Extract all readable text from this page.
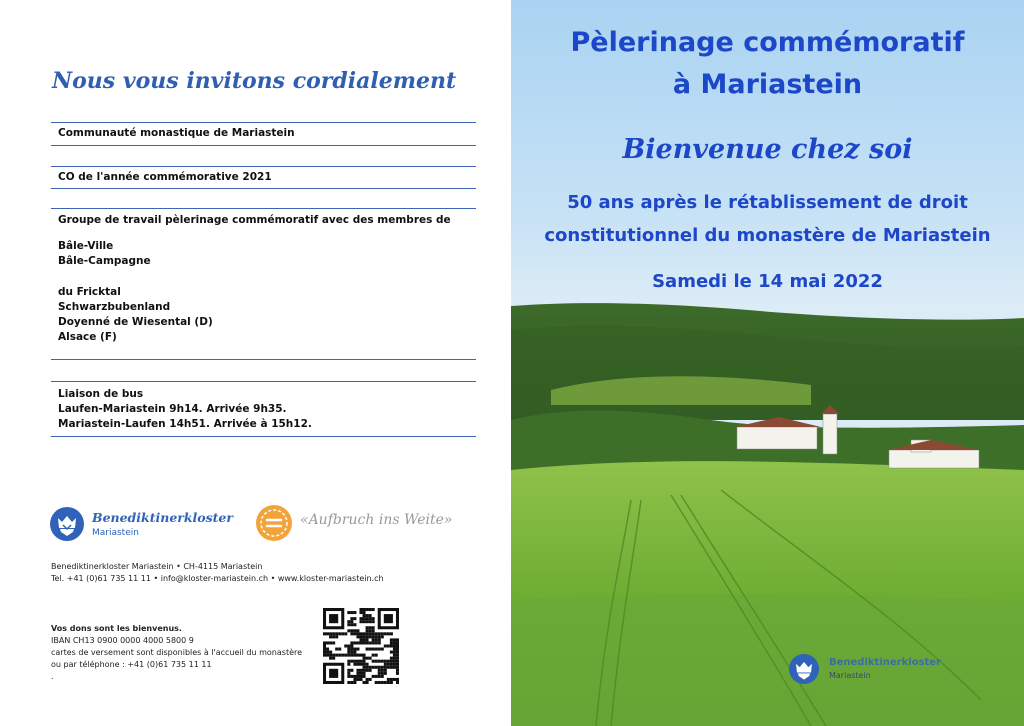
Nous vous invitons cordialement
Communauté monastique de Mariastein
CO de l'année commémorative 2021
Groupe de travail pèlerinage commémoratif avec des membres de
Bâle-Ville
Bâle-Campagne
du Fricktal
Schwarzbubenland
Doyenné de Wiesental (D)
Alsace (F)
Liaison de bus
Laufen-Mariastein 9h14. Arrivée 9h35.
Mariastein-Laufen 14h51. Arrivée à 15h12.
Benediktinerkloster
Mariastein
«Aufbruch ins Weite»
Benediktinerkloster Mariastein • CH-4115 Mariastein
Tel. +41 (0)61 735 11 11 • info@kloster-mariastein.ch • www.kloster-mariastein.ch
Vos dons sont les bienvenus.
IBAN CH13 0900 0000 4000 5800 9
cartes de versement sont disponibles à l'accueil du monastère
ou par téléphone : +41 (0)61 735 11 11
.
Pèlerinage commémoratif
à Mariastein
Bienvenue chez soi
50 ans après le rétablissement de droit
constitutionnel du monastère de Mariastein
Samedi le 14 mai 2022
Benediktinerkloster
Mariastein
